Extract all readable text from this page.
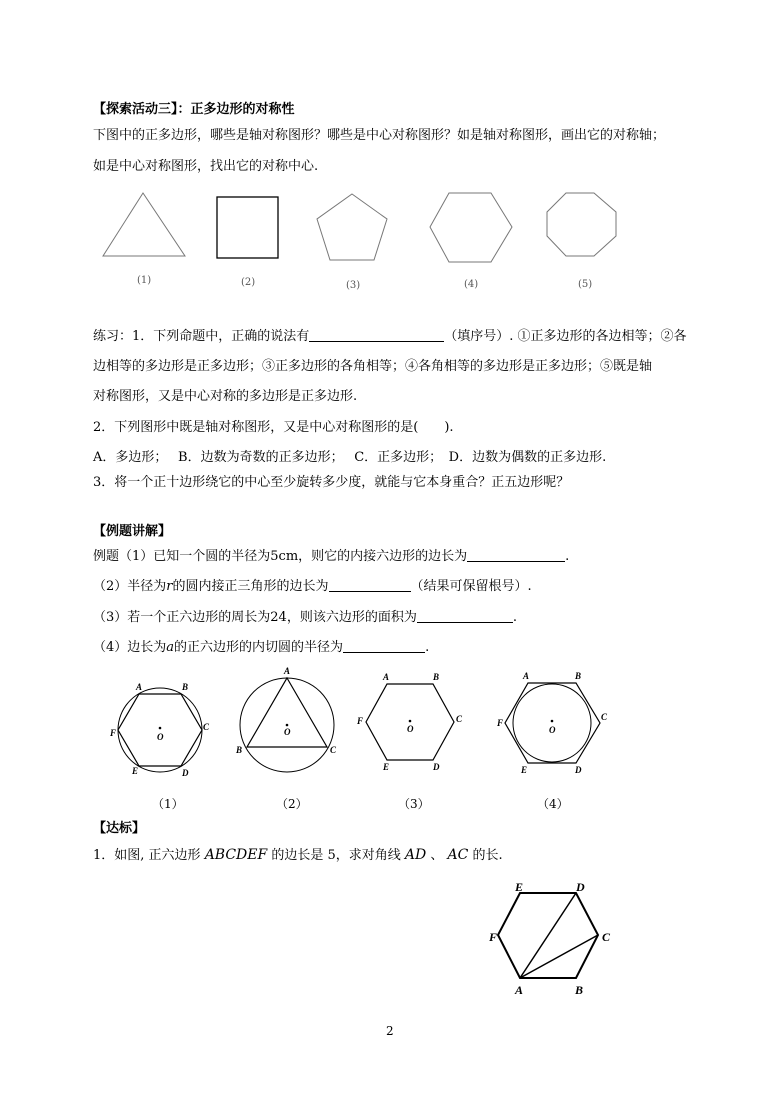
【探索活动三】：正多边形的对称性
下图中的正多边形，哪些是轴对称图形？哪些是中心对称图形？如是轴对称图形，画出它的对称轴；
如是中心对称图形，找出它的对称中心.
(1)	(2)	(3)	(4)	(5)
练习：1．下列命题中，正确的说法有	（填序号）. ①正多边形的各边相等；②各
边相等的多边形是正多边形；③正多边形的各角相等；④各角相等的多边形是正多边形；⑤既是轴
对称图形，又是中心对称的多边形是正多边形.
2．下列图形中既是轴对称图形，又是中心对称图形的是(　　).
A．多边形；　 B．边数为奇数的正多边形；　 C．正多边形；　D．边数为偶数的正多边形.
3．将一个正十边形绕它的中心至少旋转多少度，就能与它本身重合？正五边形呢？
【例题讲解】
例题（1）已知一个圆的半径为5cm，则它的内接六边形的边长为	.
（2）半径为r的圆内接正三角形的边长为	（结果可保留根号）.
（3）若一个正六边形的周长为24，则该六边形的面积为	.
（4）边长为a的正六边形的内切圆的半径为	.
A	B
C
D
E
F	O
A
B	C
O
A	B
C
D
E
F
O
A	B
C
D
E
F
O
（1）	（2）	（3）	（4）
【达标】
1．如图, 正六边形 ABCDEF 的边长是 5，求对角线 AD 、 AC 的长.
E	D
C
B
A
F
2
